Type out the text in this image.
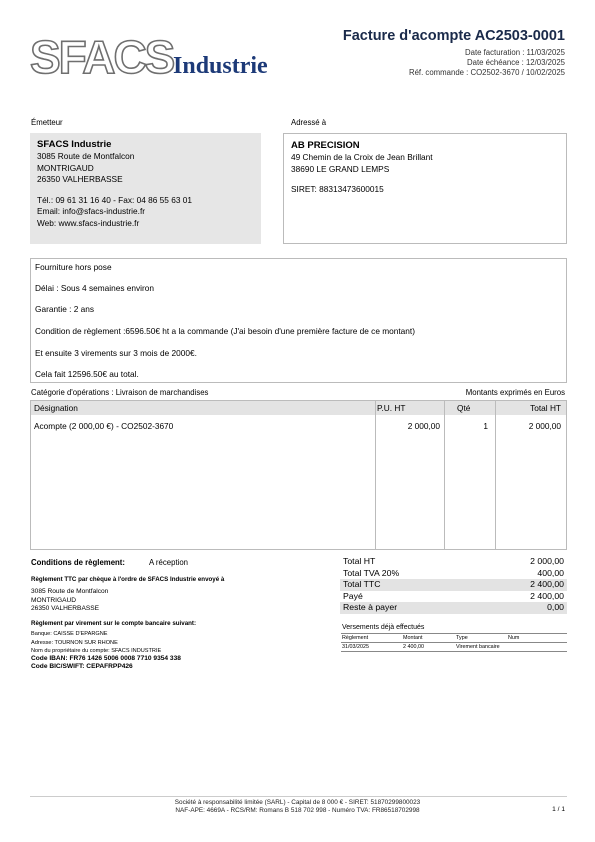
SFACS Industrie
Facture d'acompte AC2503-0001
Date facturation : 11/03/2025
Date échéance : 12/03/2025
Réf. commande : CO2502-3670 / 10/02/2025
Émetteur
SFACS Industrie
3085 Route de Montfalcon
MONTRIGAUD
26350 VALHERBASSE
Tél.: 09 61 31 16 40 - Fax: 04 86 55 63 01
Email: info@sfacs-industrie.fr
Web: www.sfacs-industrie.fr
Adressé à
AB PRECISION
49 Chemin de la Croix de Jean Brillant
38690 LE GRAND LEMPS
SIRET: 88313473600015
Fourniture hors pose
Délai : Sous 4 semaines environ
Garantie : 2 ans
Condition de règlement :6596.50€ ht a la commande (J'ai besoin d'une première facture de ce montant)
Et ensuite 3 virements sur 3 mois de 2000€.
Cela fait 12596.50€ au total.
Catégorie d'opérations : Livraison de marchandises	Montants exprimés en Euros
Désignation	P.U. HT	Qté	Total HT
Acompte (2 000,00 €) - CO2502-3670	2 000,00	1	2 000,00
Conditions de règlement:	A réception
Règlement TTC par chèque à l'ordre de SFACS Industrie envoyé à
3085 Route de Montfalcon
MONTRIGAUD
26350 VALHERBASSE
Règlement par virement sur le compte bancaire suivant:
Banque: CAISSE D'EPARGNE
Adresse: TOURNON SUR RHONE
Nom du propriétaire du compte: SFACS INDUSTRIE
Code IBAN: FR76 1426 5006 0008 7710 9354 338
Code BIC/SWIFT: CEPAFRPP426
Total HT	2 000,00
Total TVA 20%	400,00
Total TTC	2 400,00
Payé	2 400,00
Reste à payer	0,00
Versements déjà effectués
Règlement	Montant	Type	Num
31/03/2025	2 400,00	Virement bancaire
Société à responsabilité limitée (SARL) - Capital de 8 000 € - SIRET: 51870299800023
NAF-APE: 4669A - RCS/RM: Romans B 518 702 998 - Numéro TVA: FR86518702998	1 / 1
